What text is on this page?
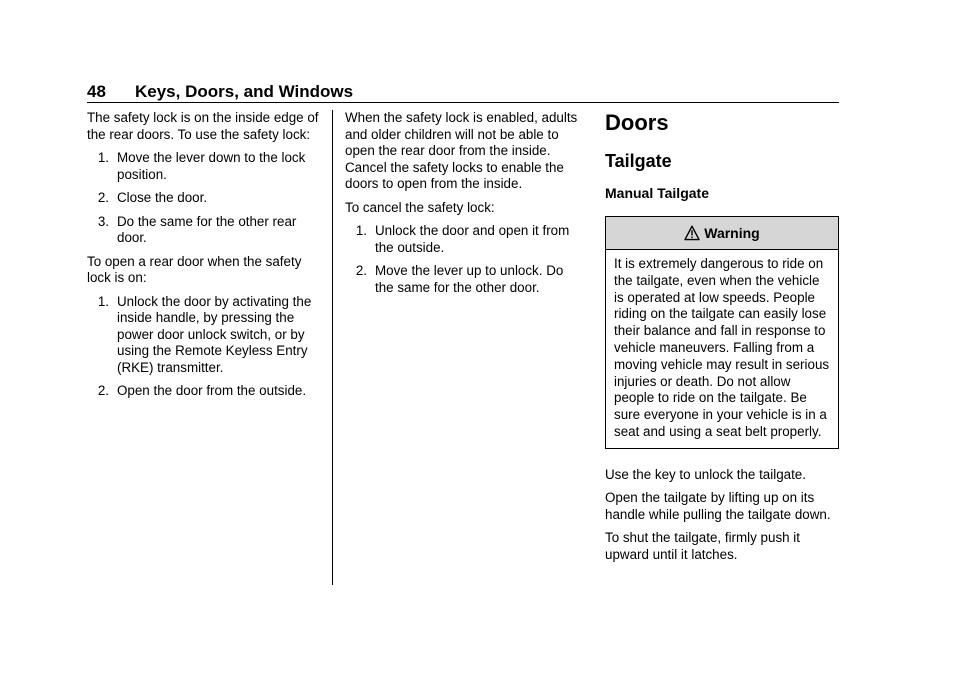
48 Keys, Doors, and Windows

The safety lock is on the inside edge of the rear doors. To use the safety lock:

1. Move the lever down to the lock position.
2. Close the door.
3. Do the same for the other rear door.

To open a rear door when the safety lock is on:

1. Unlock the door by activating the inside handle, by pressing the power door unlock switch, or by using the Remote Keyless Entry (RKE) transmitter.
2. Open the door from the outside.

When the safety lock is enabled, adults and older children will not be able to open the rear door from the inside. Cancel the safety locks to enable the doors to open from the inside.

To cancel the safety lock:

1. Unlock the door and open it from the outside.
2. Move the lever up to unlock. Do the same for the other door.
Doors
Tailgate
Manual Tailgate
Warning
It is extremely dangerous to ride on the tailgate, even when the vehicle is operated at low speeds. People riding on the tailgate can easily lose their balance and fall in response to vehicle maneuvers. Falling from a moving vehicle may result in serious injuries or death. Do not allow people to ride on the tailgate. Be sure everyone in your vehicle is in a seat and using a seat belt properly.

Use the key to unlock the tailgate.

Open the tailgate by lifting up on its handle while pulling the tailgate down.

To shut the tailgate, firmly push it upward until it latches.
